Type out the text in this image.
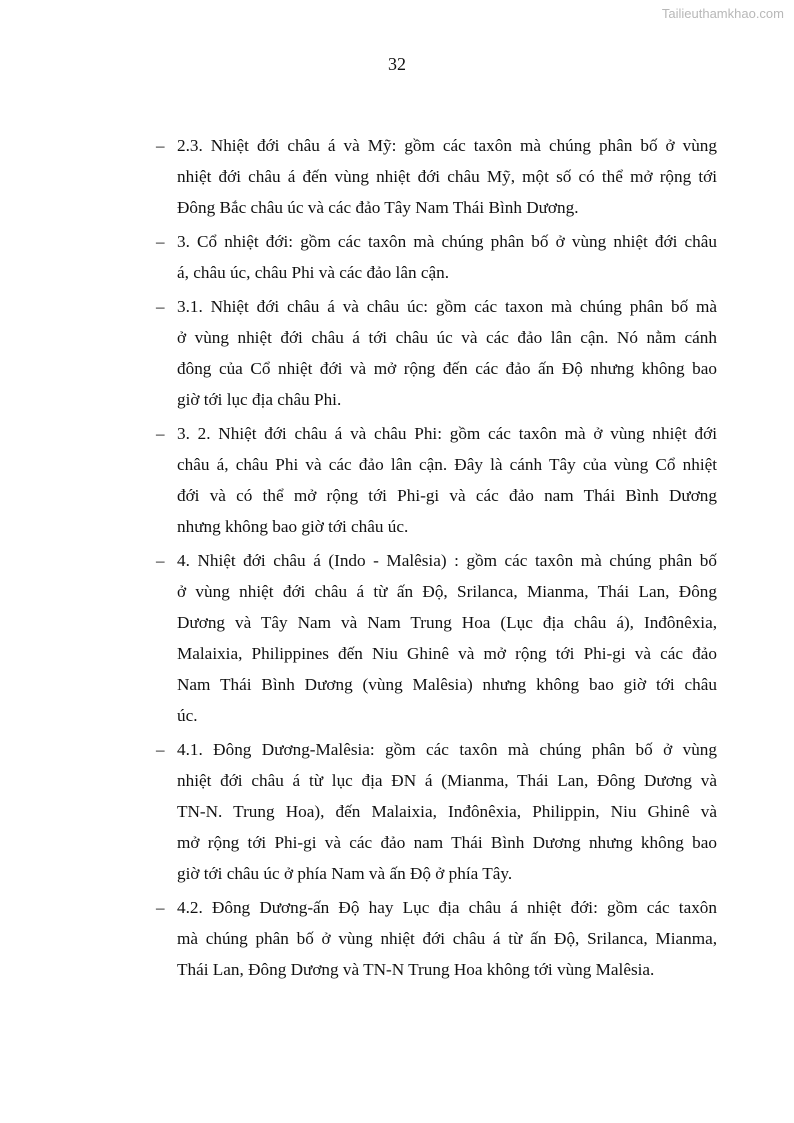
Tailieuthamkhao.com
32
– 2.3. Nhiệt đới châu á và Mỹ: gồm các taxôn mà chúng phân bố ở vùng
nhiệt đới châu á đến vùng nhiệt đới châu Mỹ, một số có thể mở rộng tới
Đông Bắc châu úc và các đảo Tây Nam Thái Bình Dương.
– 3. Cổ nhiệt đới: gồm các taxôn mà chúng phân bố ở vùng nhiệt đới châu
á, châu úc, châu Phi và các đảo lân cận.
– 3.1. Nhiệt đới châu á và châu úc: gồm các taxon mà chúng phân bố mà
ở vùng nhiệt đới châu á tới châu úc và các đảo lân cận. Nó nằm cánh
đông của Cổ nhiệt đới và mở rộng đến các đảo ấn Độ nhưng không bao
giờ tới lục địa châu Phi.
– 3. 2. Nhiệt đới châu á và châu Phi: gồm các taxôn mà ở vùng nhiệt đới
châu á, châu Phi và các đảo lân cận. Đây là cánh Tây của vùng Cổ nhiệt
đới và có thể mở rộng tới Phi-gi và các đảo nam Thái Bình Dương
nhưng không bao giờ tới châu úc.
– 4. Nhiệt đới châu á (Indo - Malêsia) : gồm các taxôn mà chúng phân bố
ở vùng nhiệt đới châu á từ ấn Độ, Srilanca, Mianma, Thái Lan, Đông
Dương và Tây Nam và Nam Trung Hoa (Lục địa châu á), Inđônêxia,
Malaixia, Philippines đến Niu Ghinê và mở rộng tới Phi-gi và các đảo
Nam Thái Bình Dương (vùng Malêsia) nhưng không bao giờ tới châu
úc.
– 4.1. Đông Dương-Malêsia: gồm các taxôn mà chúng phân bố ở vùng
nhiệt đới châu á từ lục địa ĐN á (Mianma, Thái Lan, Đông Dương và
TN-N. Trung Hoa), đến Malaixia, Inđônêxia, Philippin, Niu Ghinê và
mở rộng tới Phi-gi và các đảo nam Thái Bình Dương nhưng không bao
giờ tới châu úc ở phía Nam và ấn Độ ở phía Tây.
– 4.2. Đông Dương-ấn Độ hay Lục địa châu á nhiệt đới: gồm các taxôn
mà chúng phân bố ở vùng nhiệt đới châu á từ ấn Độ, Srilanca, Mianma,
Thái Lan, Đông Dương và TN-N Trung Hoa không tới vùng Malêsia.
